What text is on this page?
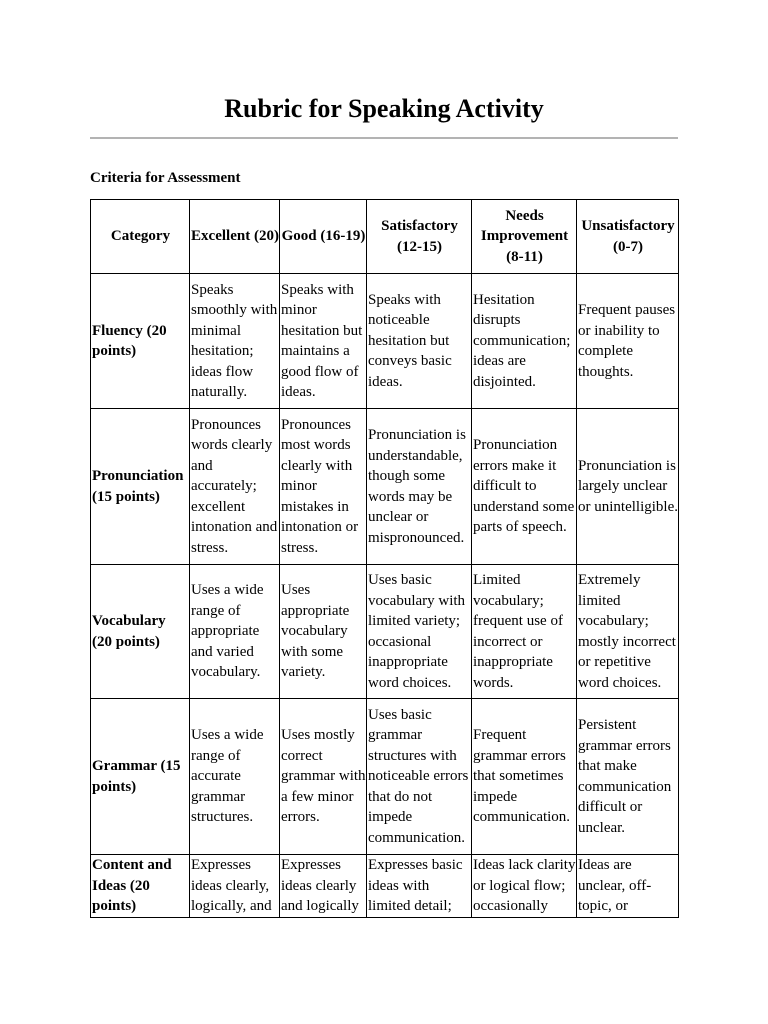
Rubric for Speaking Activity
Criteria for Assessment
Category	Excellent (20)	Good (16-19)	Satisfactory (12-15)	Needs Improvement (8-11)	Unsatisfactory (0-7)
Fluency (20 points)	Speaks smoothly with minimal hesitation; ideas flow naturally.	Speaks with minor hesitation but maintains a good flow of ideas.	Speaks with noticeable hesitation but conveys basic ideas.	Hesitation disrupts communication; ideas are disjointed.	Frequent pauses or inability to complete thoughts.
Pronunciation (15 points)	Pronounces words clearly and accurately; excellent intonation and stress.	Pronounces most words clearly with minor mistakes in intonation or stress.	Pronunciation is understandable, though some words may be unclear or mispronounced.	Pronunciation errors make it difficult to understand some parts of speech.	Pronunciation is largely unclear or unintelligible.
Vocabulary (20 points)	Uses a wide range of appropriate and varied vocabulary.	Uses appropriate vocabulary with some variety.	Uses basic vocabulary with limited variety; occasional inappropriate word choices.	Limited vocabulary; frequent use of incorrect or inappropriate words.	Extremely limited vocabulary; mostly incorrect or repetitive word choices.
Grammar (15 points)	Uses a wide range of accurate grammar structures.	Uses mostly correct grammar with a few minor errors.	Uses basic grammar structures with noticeable errors that do not impede communication.	Frequent grammar errors that sometimes impede communication.	Persistent grammar errors that make communication difficult or unclear.
Content and Ideas (20 points)	Expresses ideas clearly, logically, and	Expresses ideas clearly and logically	Expresses basic ideas with limited detail;	Ideas lack clarity or logical flow; occasionally	Ideas are unclear, off-topic, or
